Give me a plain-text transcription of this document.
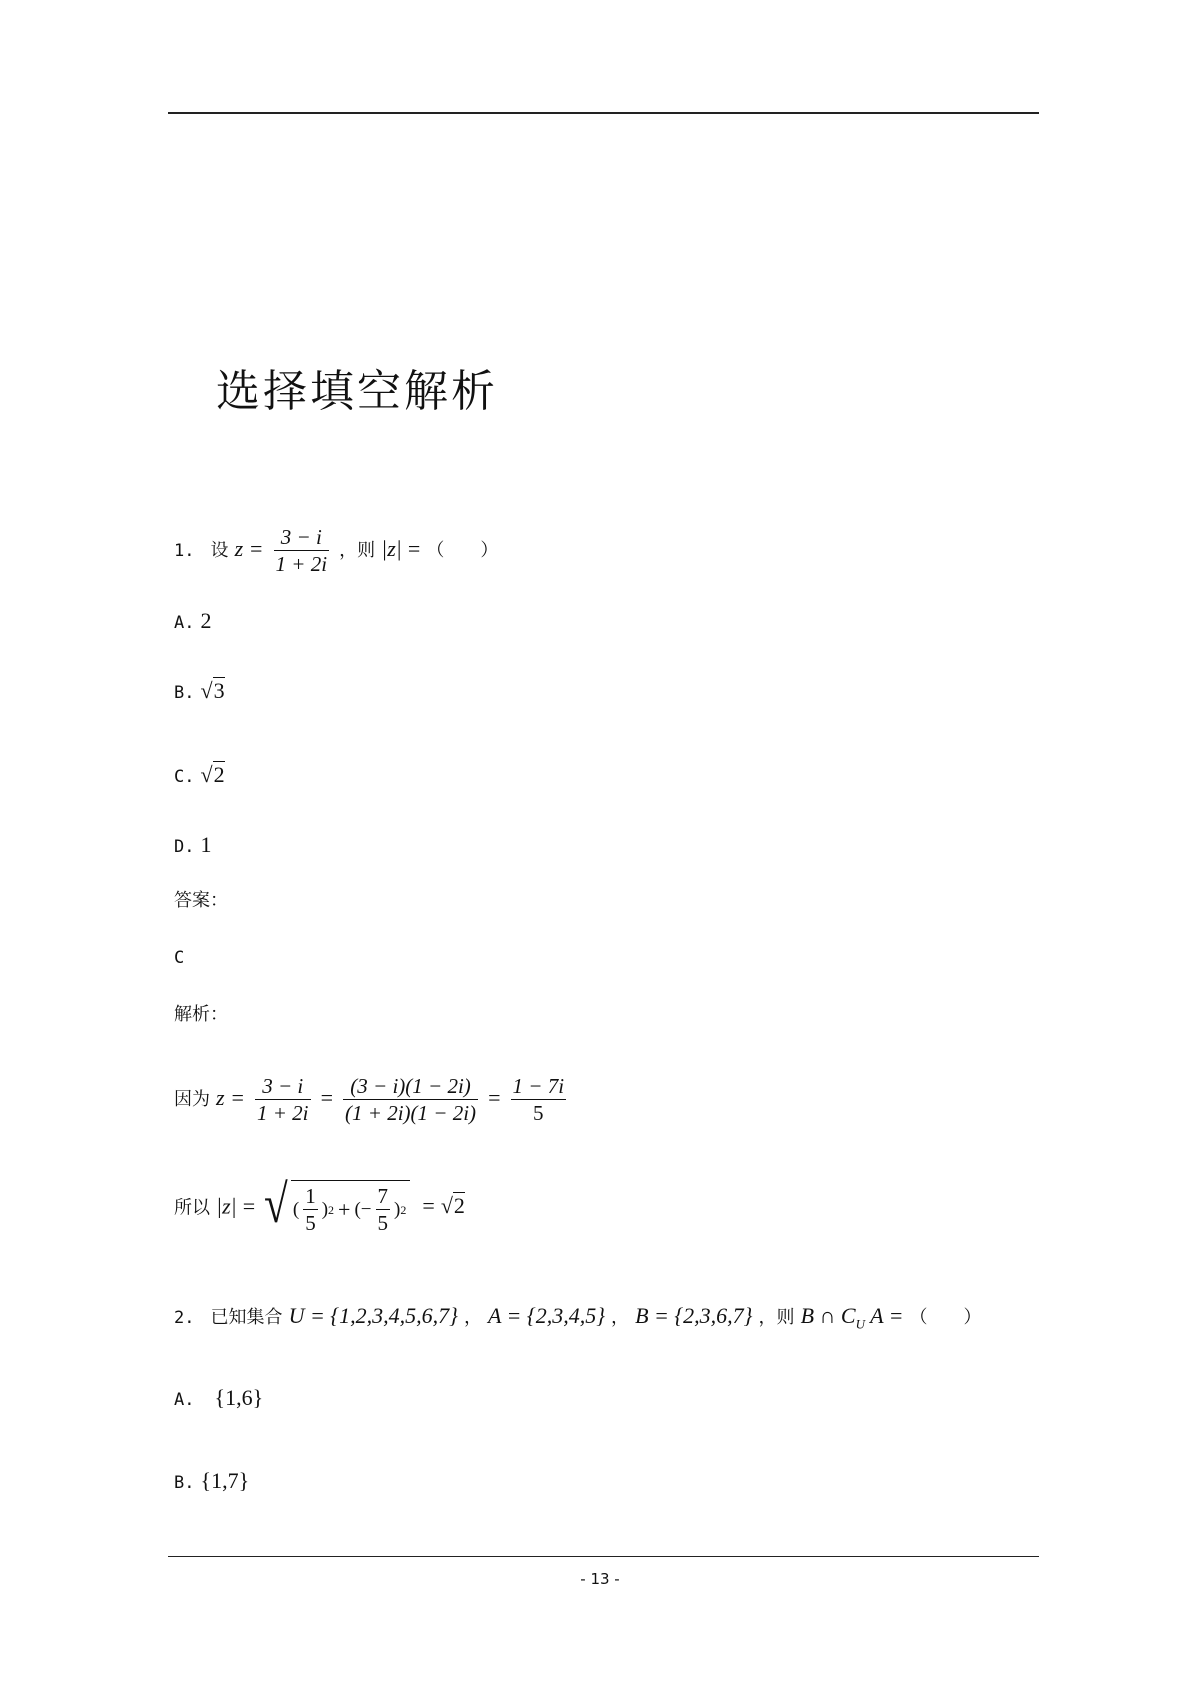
选择填空解析
1. 设 $z = \frac{3 - i}{1 + 2i}$ ，则 |z| = （　　）
A. 2
B. √3
C. √2
D. 1
答案：
C
解析：
因为 $z = \frac{3 - i}{1 + 2i} = \frac{(3 - i)(1 - 2i)}{(1 + 2i)(1 - 2i)} = \frac{1 - 7i}{5}$
所以 |z| = √ ( $\frac{1}{5}$ ) 2 + (− $\frac{7}{5}$ ) 2 = √2
2. 已知集合 U = {1,2,3,4,5,6,7} ， A = {2,3,4,5} ， B = {2,3,6,7} ，则 B ∩ $C_U$ A = （　　）
A. {1,6}
B. {1,7}
- 13 -
